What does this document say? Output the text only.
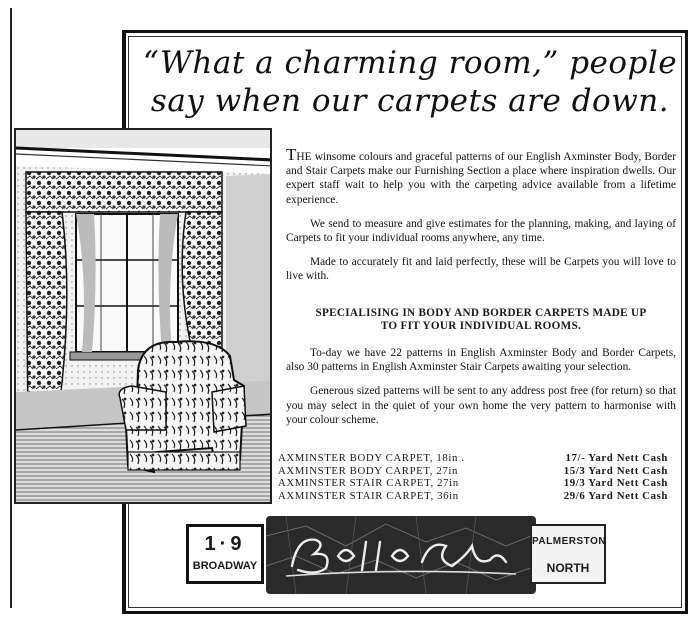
“What a charming room,” people
say when our carpets are down.

THE winsome colours and graceful patterns of our English Axminster Body, Border and Stair Carpets make our Furnishing Section a place where inspiration dwells. Our expert staff wait to help you with the carpeting advice available from a lifetime experience.

We send to measure and give estimates for the planning, making, and laying of Carpets to fit your individual rooms anywhere, any time.

Made to accurately fit and laid perfectly, these will be Carpets you will love to live with.

SPECIALISING IN BODY AND BORDER CARPETS MADE UP
TO FIT YOUR INDIVIDUAL ROOMS.

To-day we have 22 patterns in English Axminster Body and Border Carpets, also 30 patterns in English Axminster Stair Carpets awaiting your selection.

Generous sized patterns will be sent to any address post free (for return) so that you may select in the quiet of your own home the very pattern to harmonise with your colour scheme.

AXMINSTER BODY CARPET, 18in .	17/- Yard Nett Cash
AXMINSTER BODY CARPET, 27in	15/3 Yard Nett Cash
AXMINSTER STAIR CARPET, 27in	19/3 Yard Nett Cash
AXMINSTER STAIR CARPET, 36in	29/6 Yard Nett Cash
1·9
BROADWAY
PALMERSTON
NORTH
